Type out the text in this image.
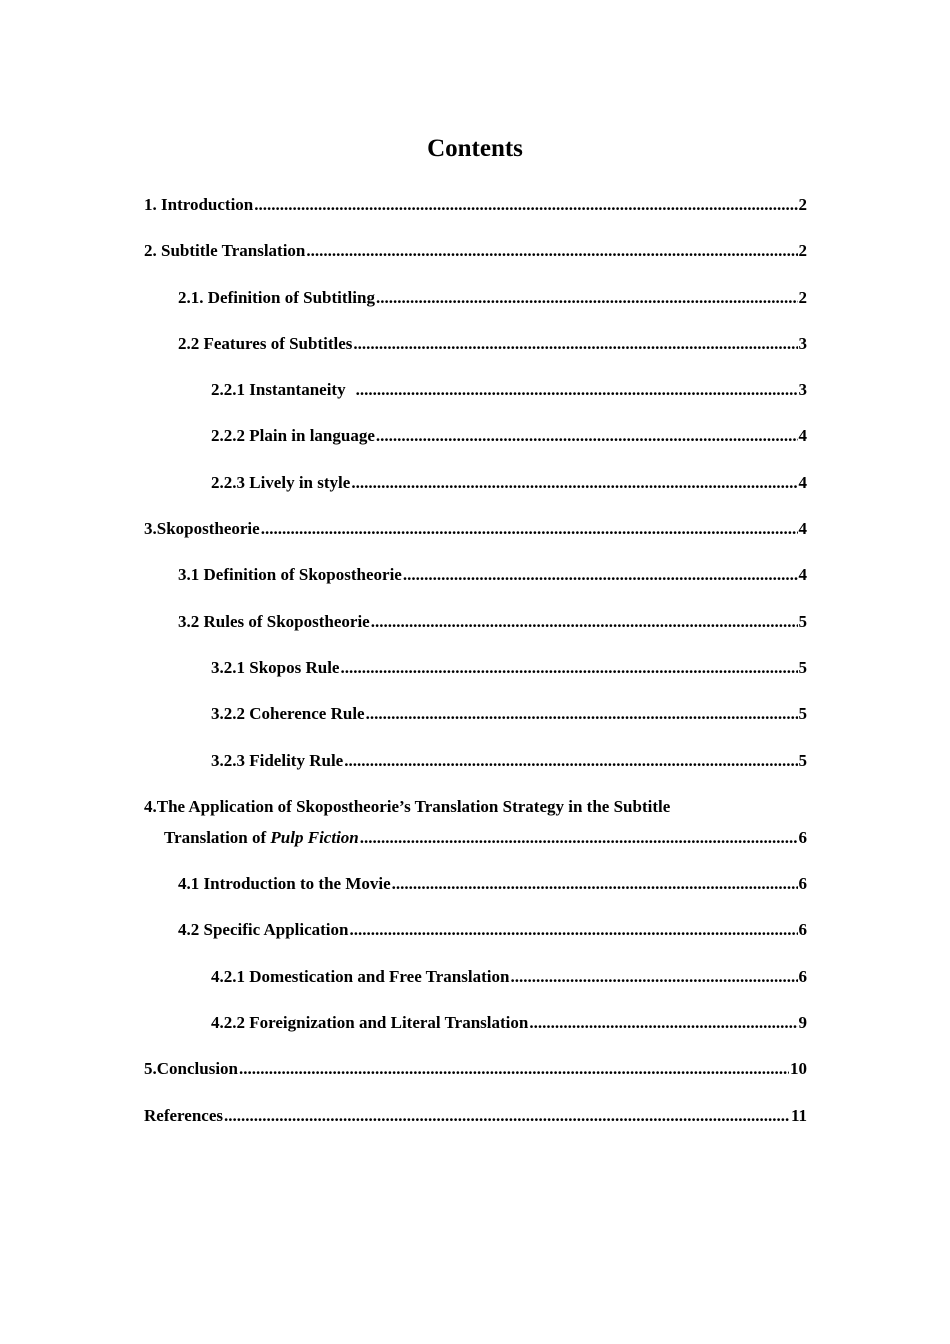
Contents
1. Introduction .....	2
2. Subtitle Translation .....	2
2.1. Definition of Subtitling .....	2
2.2 Features of Subtitles .....	3
2.2.1 Instantaneity .....	3
2.2.2 Plain in language .....	4
2.2.3 Lively in style .....	4
3.Skopostheorie .....	4
3.1 Definition of Skopostheorie .....	4
3.2 Rules of Skopostheorie .....	5
3.2.1 Skopos Rule .....	5
3.2.2 Coherence Rule .....	5
3.2.3 Fidelity Rule .....	5
4.The Application of Skopostheorie’s Translation Strategy in the Subtitle
Translation of Pulp Fiction .....	6
4.1 Introduction to the Movie .....	6
4.2 Specific Application .....	6
4.2.1 Domestication and Free Translation .....	6
4.2.2 Foreignization and Literal Translation .....	9
5.Conclusion .....	10
References .....	11
